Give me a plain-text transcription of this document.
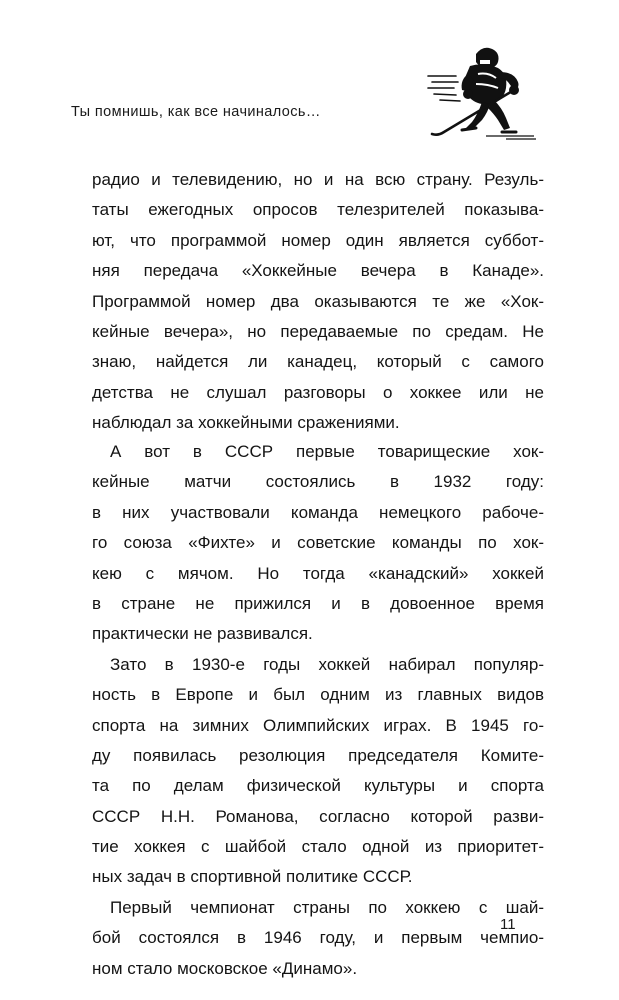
Ты помнишь, как все начиналось…
радио и телевидению, но и на всю страну. Резуль-
таты ежегодных опросов телезрителей показыва-
ют, что программой номер один является суббот-
няя передача «Хоккейные вечера в Канаде».
Программой номер два оказываются те же «Хок-
кейные вечера», но передаваемые по средам. Не
знаю, найдется ли канадец, который с самого
детства не слушал разговоры о хоккее или не
наблюдал за хоккейными сражениями.
А вот в СССР первые товарищеские хок-
кейные матчи состоялись в 1932 году:
в них участвовали команда немецкого рабоче-
го союза «Фихте» и советские команды по хок-
кею с мячом. Но тогда «канадский» хоккей
в стране не прижился и в довоенное время
практически не развивался.
Зато в 1930-е годы хоккей набирал популяр-
ность в Европе и был одним из главных видов
спорта на зимних Олимпийских играх. В 1945 го-
ду появилась резолюция председателя Комите-
та по делам физической культуры и спорта
СССР Н.Н. Романова, согласно которой разви-
тие хоккея с шайбой стало одной из приоритет-
ных задач в спортивной политике СССР.
Первый чемпионат страны по хоккею с шай-
бой состоялся в 1946 году, и первым чемпио-
ном стало московское «Динамо».
11
